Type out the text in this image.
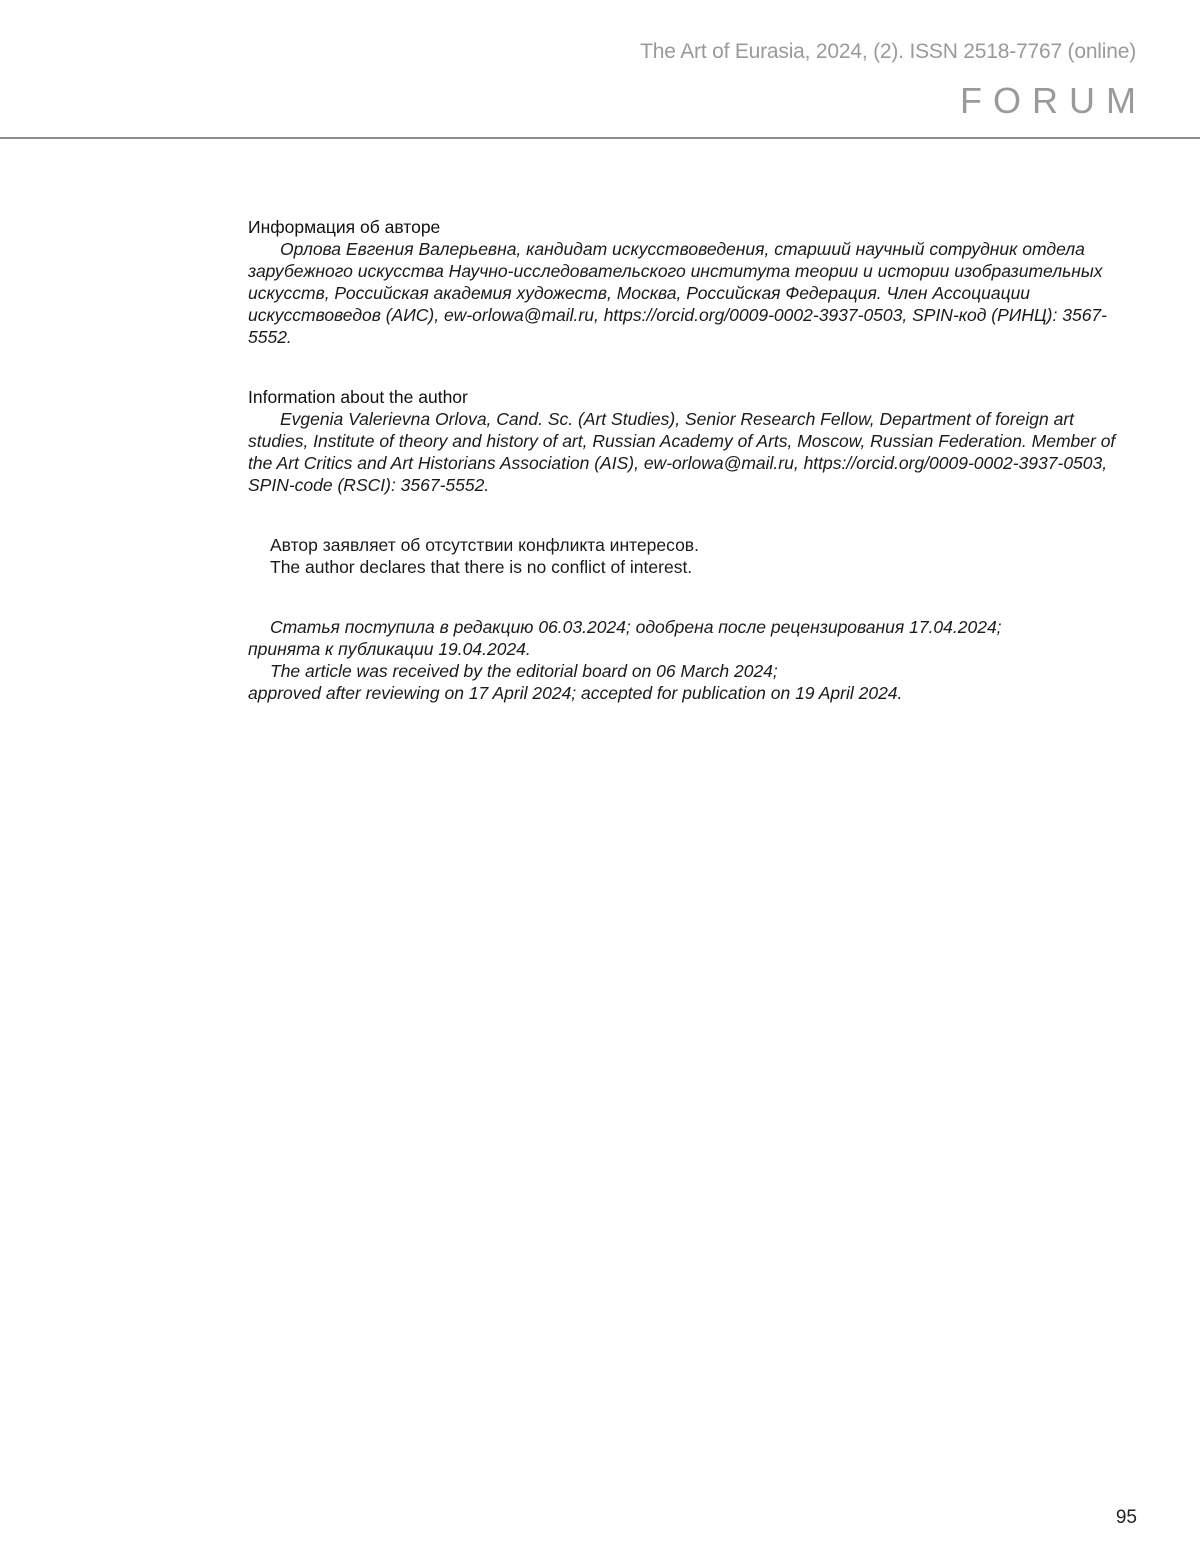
The Art of Eurasia, 2024, (2). ISSN 2518-7767 (online)
FORUM

Информация об авторе

Орлова Евгения Валерьевна, кандидат искусствоведения, старший научный сотрудник отдела зарубежного искусства Научно-исследовательского института теории и истории изобразительных искусств, Российская академия художеств, Москва, Российская Федерация. Член Ассоциации искусствоведов (АИС), ew-orlowa@mail.ru, https://orcid.org/0009-0002-3937-0503, SPIN-код (РИНЦ): 3567-5552.

Information about the author

Evgenia Valerievna Orlova, Cand. Sc. (Art Studies), Senior Research Fellow, Department of foreign art studies, Institute of theory and history of art, Russian Academy of Arts, Moscow, Russian Federation. Member of the Art Critics and Art Historians Association (AIS), ew-orlowa@mail.ru, https://orcid.org/0009-0002-3937-0503, SPIN-code (RSCI): 3567-5552.

Автор заявляет об отсутствии конфликта интересов.

The author declares that there is no conflict of interest.

Статья поступила в редакцию 06.03.2024; одобрена после рецензирования 17.04.2024; принята к публикации 19.04.2024.

The article was received by the editorial board on 06 March 2024;

approved after reviewing on 17 April 2024; accepted for publication on 19 April 2024.

95
